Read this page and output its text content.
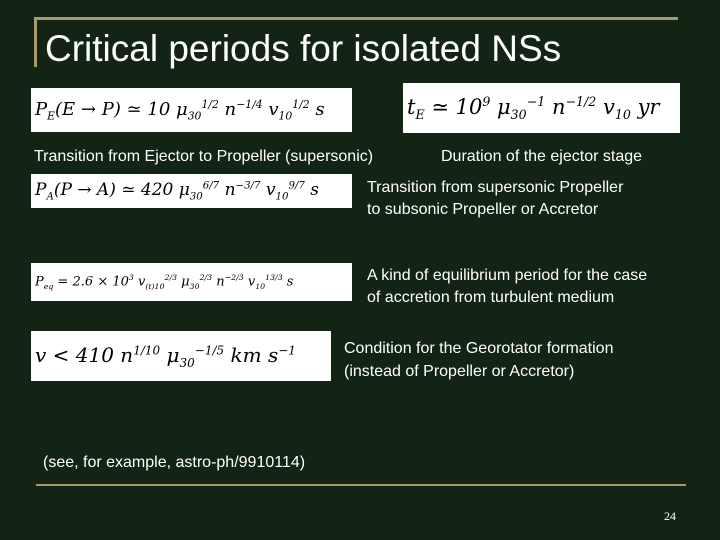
Critical periods for isolated NSs
$P_E(E \to P)$ ≃ 10 $\mu_{30}^{1/2}$ $n^{-1/4}$ $v_{10}^{1/2}$ s	$t_E$ ≃ $10^9$ $\mu_{30}^{-1}$ $n^{-1/2}$ $v_{10}$ yr
Transition from Ejector to Propeller (supersonic)	Duration of the ejector stage
$P_A(P \to A)$ ≃ 420 $\mu_{30}^{6/7}$ $n^{-3/7}$ $v_{10}^{9/7}$ s	Transition from supersonic Propeller
to subsonic Propeller or Accretor
$P_{eq} = 2.6 \times 10^3$ $v_{(t)10}^{2/3}$ $\mu_{30}^{2/3}$ $n^{-2/3}$ $v_{10}^{13/3}$ s	A kind of equilibrium period for the case
of accretion from turbulent medium
v < 410 $n^{1/10}$ $\mu_{30}^{-1/5}$ km $s^{-1}$	Condition for the Georotator formation
(instead of Propeller or Accretor)
(see, for example, astro-ph/9910114)
24
